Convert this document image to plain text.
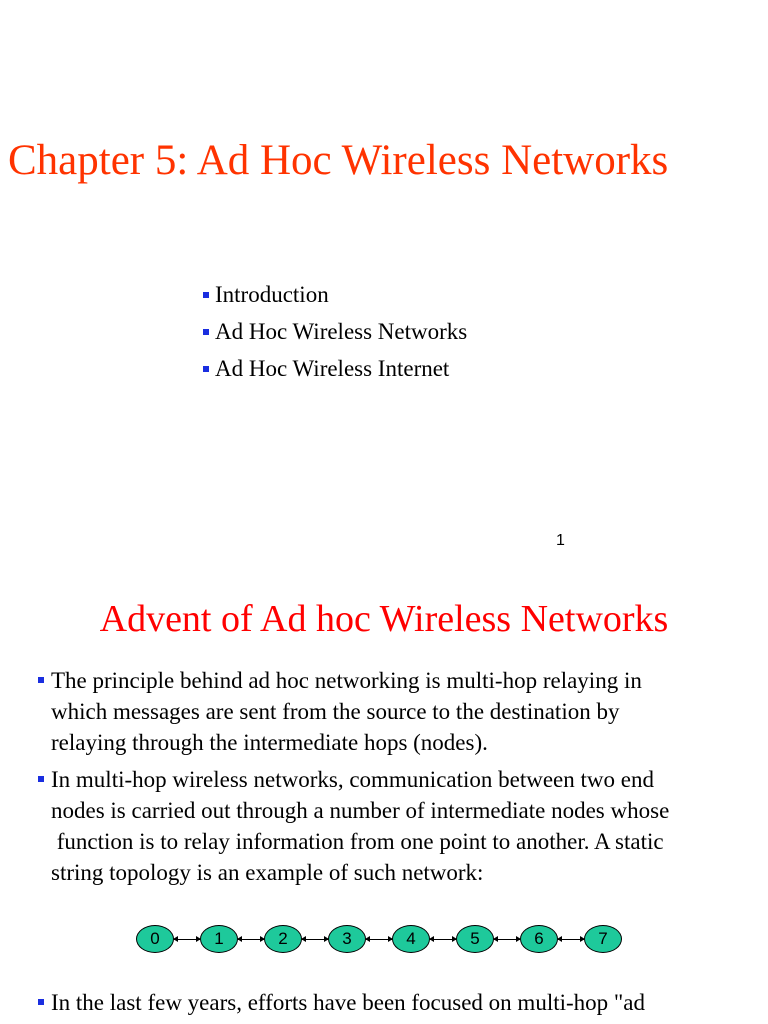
Chapter 5: Ad Hoc Wireless Networks
Introduction
Ad Hoc Wireless Networks
Ad Hoc Wireless Internet
1
Advent of Ad hoc Wireless Networks
The principle behind ad hoc networking is multi-hop relaying in
which messages are sent from the source to the destination by
relaying through the intermediate hops (nodes).
In multi-hop wireless networks, communication between two end
nodes is carried out through a number of intermediate nodes whose
function is to relay information from one point to another. A static
string topology is an example of such network:
0	1	2	3	4	5	6	7
In the last few years, efforts have been focused on multi-hop "ad
